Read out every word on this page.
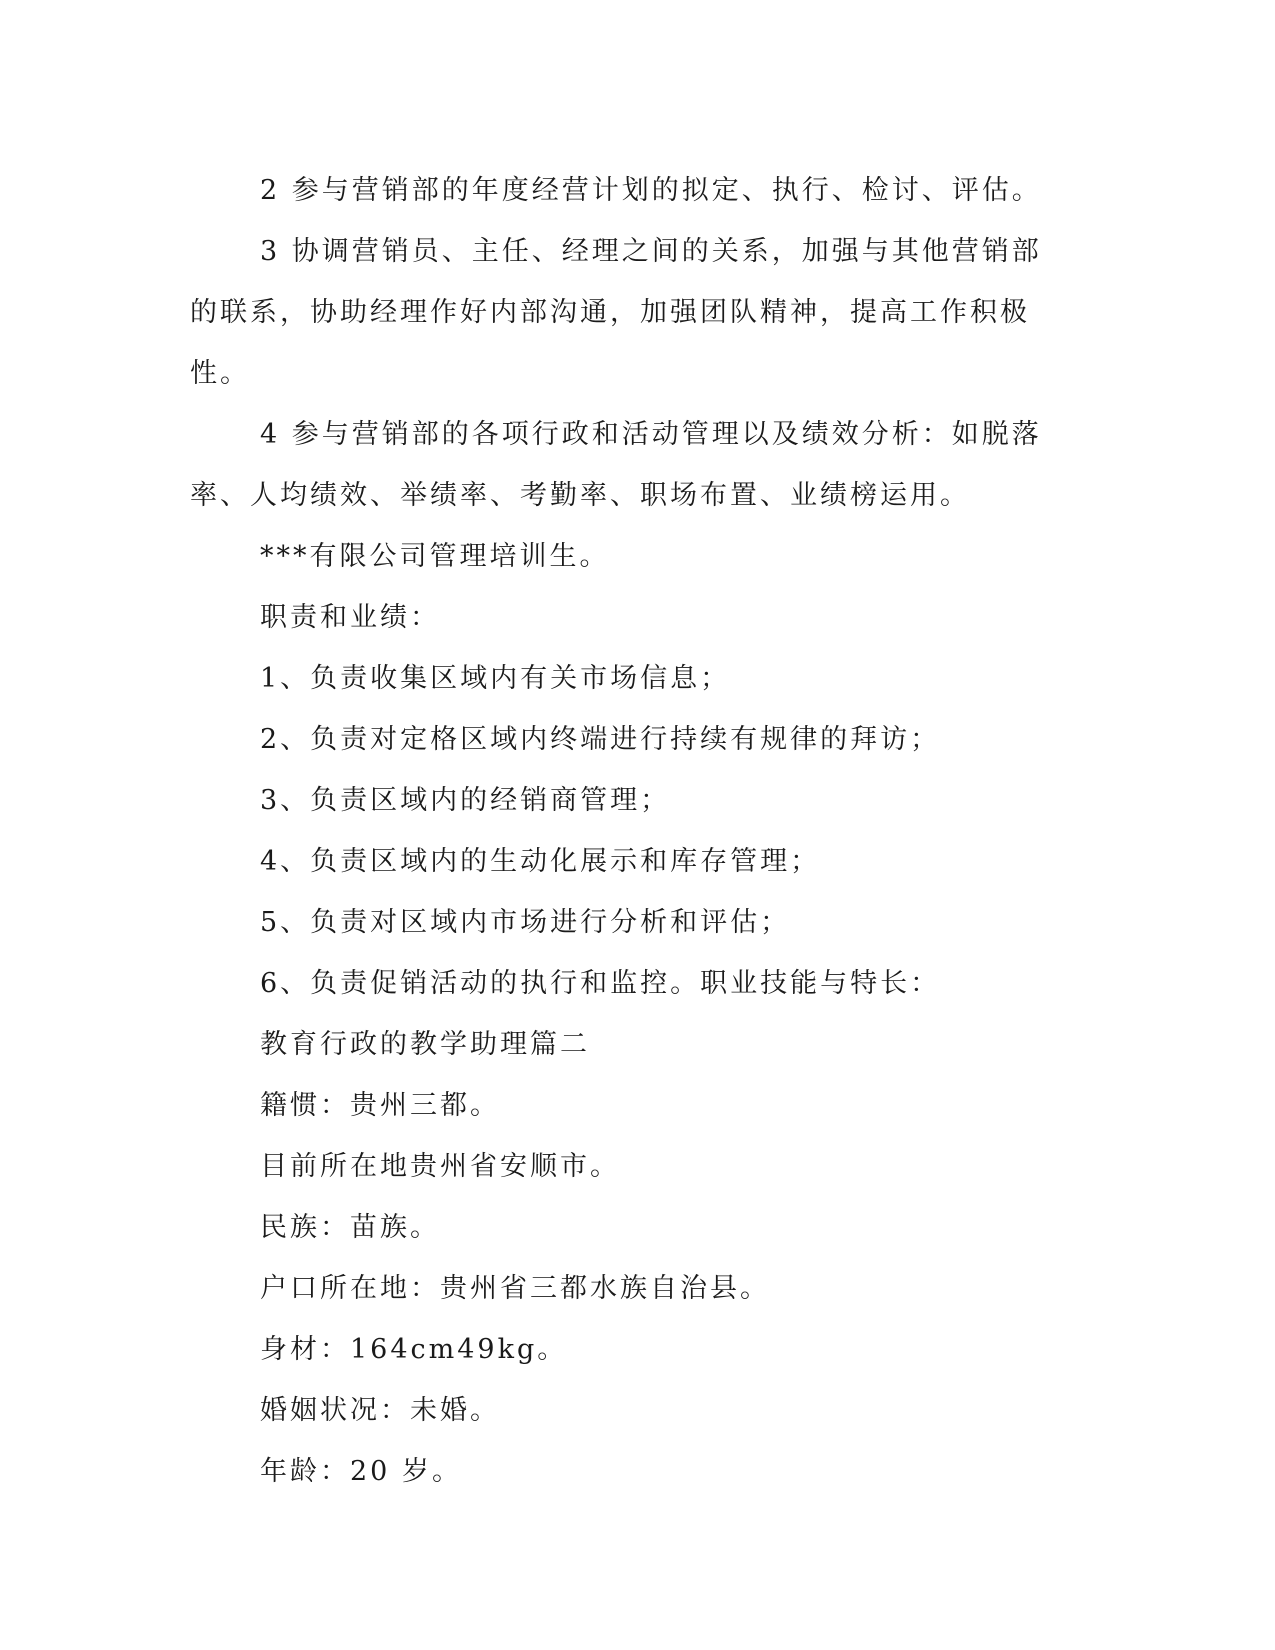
2 参与营销部的年度经营计划的拟定、执行、检讨、评估。

3 协调营销员、主任、经理之间的关系，加强与其他营销部的联系，协助经理作好内部沟通，加强团队精神，提高工作积极性。

4 参与营销部的各项行政和活动管理以及绩效分析：如脱落率、人均绩效、举绩率、考勤率、职场布置、业绩榜运用。

***有限公司管理培训生。

职责和业绩：

1、负责收集区域内有关市场信息；

2、负责对定格区域内终端进行持续有规律的拜访；

3、负责区域内的经销商管理；

4、负责区域内的生动化展示和库存管理；

5、负责对区域内市场进行分析和评估；

6、负责促销活动的执行和监控。职业技能与特长：

教育行政的教学助理篇二

籍惯：贵州三都。

目前所在地贵州省安顺市。

民族：苗族。

户口所在地：贵州省三都水族自治县。

身材：164cm49kg。

婚姻状况：未婚。

年龄：20 岁。
